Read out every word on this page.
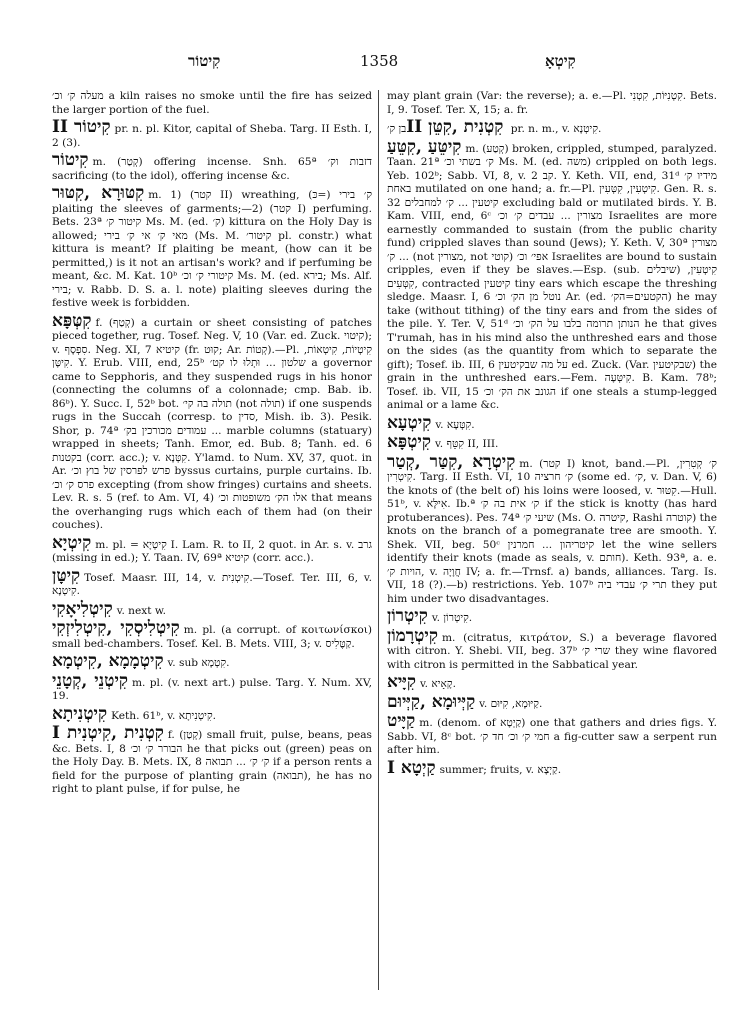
קִיטוֹר	1358	קִיטְאָ
מעלה ק׳ וכ׳ a kiln raises no smoke until the fire has seized the larger portion of the fuel.
קִיטוֹר II pr. n. pl. Kitor, capital of Sheba. Targ. II Esth. I, 2 (3).
קִיטוֹר m. (קְטַר) offering incense. Snh. 65ª דזבות וק׳ sacrificing (to the idol), offering incense &c.
קִטּוּרָא ,קִטּוּר m. 1) (קטר II) wreathing, ק׳ בירי (=כּ) plaiting the sleeves of garments;—2) (קטר I) perfuming. Bets. 23ª קיטור ק׳ Ms. M. (ed. ק׳) kittura on the Holy Day is allowed; מאי ק׳ אי ק׳ בירי (Ms. M. קיטור׳ pl. constr.) what kittura is meant? If plaiting be meant, (how can it be permitted,) is it not an artisan's work? and if perfuming be meant, &c. M. Kat. 10ᵇ קיטורי ק׳ וכ׳ Ms. M. (ed. בירא; Ms. Alf. בירי; v. Rabb. D. S. a. l. note) plaiting sleeves during the festive week is forbidden.
קִטְּפָּא f. (קְטַף) a curtain or sheet consisting of patches pieced together, rug. Tosef. Neg. V, 10 (Var. ed. Zuck. קיטוי); v. סִפְסָף. Neg. XI, 7 קיטיא (fr. קוּט; Ar. קְטוֹת).—Pl. קִיטְיוֹת, קִיטְאוֹת, קִיטָּן. Y. Erub. VIII, end, 25ᵇ שלטון ... וּתְלוּ לו קט׳ a governor came to Sepphoris, and they suspended rugs in his honor (connecting the columns of a colonnade; cmp. Bab. ib. 86ᵇ). Y. Succ. I, 52ᵇ bot. תולה בה קי׳ (not תולה) if one suspends rugs in the Succah (corresp. to סדין, Mish. ib. 3). Pesik. Shor, p. 74ª עמודים מכורכין בק׳ ... marble columns (statuary) wrapped in sheets; Tanh. Emor, ed. Bub. 8; Tanh. ed. 6 בקטנות (corr. acc.); v. קִטְּנָא. Y'lamd. to Num. XV, 37, quot. in Ar. פרש לפרסין של בוץ וכ׳ byssus curtains, purple curtains. Ib. פרס ק׳ וכ׳ excepting (from show fringes) curtains and sheets. Lev. R. s. 5 (ref. to Am. VI, 4) אלו הק׳ משופטות וכ׳ that means the overhanging rugs which each of them had (on their couches).
קִיטְיָא m. pl. = קִיטְיָא I. Lam. R. to II, 2 quot. in Ar. s. v. גרב (missing in ed.); Y. Taan. IV, 69ª קיטיא (corr. acc.).
קִיטָּן Tosef. Maasr. III, 14, v. קִיטְנִית.—Tosef. Ter. III, 6, v. קִיטְנָא.
קִיטְלִיאָקִי v. next w.
קִיטְלִיסְקִי ,קִיטְלִיזְקִי m. pl. (a corrupt. of κοιτωνίσκοι) small bed-chambers. Tosef. Kel. B. Mets. VIII, 3; v. קַטֶּלִיס.
קִיטְמָמָא ,קִיטְמָא v. sub קִטְמָא.
קִיטְנֵי ,קְטָנֵי m. pl. (v. next art.) pulse. Targ. Y. Num. XV, 19.
קִיטְנִיתָא Keth. 61ᵇ, v. קִיטְנִיתָא.
קִטְנִית ,קִיטְנִית I f. (קְטַן) small fruit, pulse, beans, peas &c. Bets. I, 8 הבורר ק׳ וכ׳ he that picks out (green) peas on the Holy Day. B. Mets. IX, 8 ק׳ ק׳ ... תבואה if a person rents a field for the purpose of planting grain (תבואה), he has no right to plant pulse, if for pulse, he
may plant grain (Var: the reverse); a. e.—Pl. קִטְנִיּוֹת, קִטְנִי. Bets. I, 9. Tosef. Ter. X, 15; a. fr.
קִטְנִית ,קִטֵּן IIבן ק׳ pr. n. m., v. קִיטְנָא.
קִיטֵּעַ ,קִטֵּעַ m. (קְטַע) broken, crippled, stumped, paralyzed. Taan. 21ª ק׳ בשתי וכ׳ Ms. M. (ed. משה) crippled on both legs. Yeb. 102ᵇ; Sabb. VI, 8, v. קב 2. Y. Keth. VII, end, 31ᵈ מידיו ק׳ באחת mutilated on one hand; a. fr.—Pl. קִיטְעִין, קִטְּעִין. Gen. R. s. 32 קיטעין ... ק׳ למחבלים excluding bald or mutilated birds. Y. B. Kam. VIII, end, 6ᶜ מצורין ... עבדים ק׳ וכ׳ Israelites are more earnestly commanded to sustain (from the public charity fund) crippled slaves than sound (Jews); Y. Keth. V, 30ª מצורין ק׳ ... (not מצורין, not קוטי) אפי׳ וכ׳ Israelites are bound to sustain cripples, even if they be slaves.—Esp. (sub. שיבלים) קִיטְעִין, קִטְּעִים, contracted קיטעין tiny ears which escape the threshing sledge. Maasr. I, 6 נוטל מן הק׳ וכ׳ Ar. (ed. הקטעים=הק׳) he may take (without tithing) of the tiny ears and from the sides of the pile. Y. Ter. V, 51ᵈ הנותן תרומה בלבו על הק׳ וכ׳ he that gives T'rumah, has in his mind also the unthreshed ears and those on the sides (as the quantity from which to separate the gift); Tosef. ib. III, 6 על מה שבקיטעין ed. Zuck. (Var. שבקיטעין) the grain in the unthreshed ears.—Fem. קִיטְּעָה. B. Kam. 78ᵇ; Tosef. ib. VII, 15 הגונב את הק׳ וכ׳ if one steals a stump-legged animal or a lame &c.
קִיטְעָא v. קִטְּעָא.
קִיטְפָּא v. קִטֵּף II, III.
קִיטְרָא ,קִטַּר ,קְטַר m. (קטר I) knot, band.—Pl. ק׳ קְטִרִין, קִיטְרִין. Targ. II Esth. VI, 10 ק׳ חרציה (some ed. ק׳, v. Dan. V, 6) the knots of (the belt of) his loins were loosed, v. קִטּוּר.—Hull. 51ᵇ, v. אִילָּא. Ib.ª ק׳ אית בה ק׳ if the stick is knotty (has hard protuberances). Pes. 74ª שיעי ק׳ (Ms. O. קיטרה, Rashi קוטרה) the knots on the branch of a pomegranate tree are smooth. Y. Shek. VII, beg. 50ᶜ קיטריהון ... חמרנין let the wine sellers identify their knots (made as seals, v. חותם). Keth. 93ª, a. e. הויות ק׳, v. חֲוָיָה IV; a. fr.—Trnsf. a) bands, alliances. Targ. Is. VII, 18 (?).—b) restrictions. Yeb. 107ᵇ תרי ק׳ עבדי ביה they put him under two disadvantages.
קִיטְרוֹן v. קִיטְרוֹן.
קִיטְרָמוֹן m. (citratus, κιτράτον, S.) a beverage flavored with citron. Y. Shebi. VII, beg. 37ᵇ שרי ק׳ they wine flavored with citron is permitted in the Sabbatical year.
קִיָּיא v. קָאָיא.
קַיְּיוּמָא ,קַיְּיוּם v. קַיּוּמָא, קִיּוּם.
קַיָּיט m. (denom. of קַיְטָא) one that gathers and dries figs. Y. Sabb. VI, 8ᶜ bot. חמי ק׳ וכ׳ חד ק׳ a fig-cutter saw a serpent run after him.
קַיְטָא I summer; fruits, v. קַיְצָא.
